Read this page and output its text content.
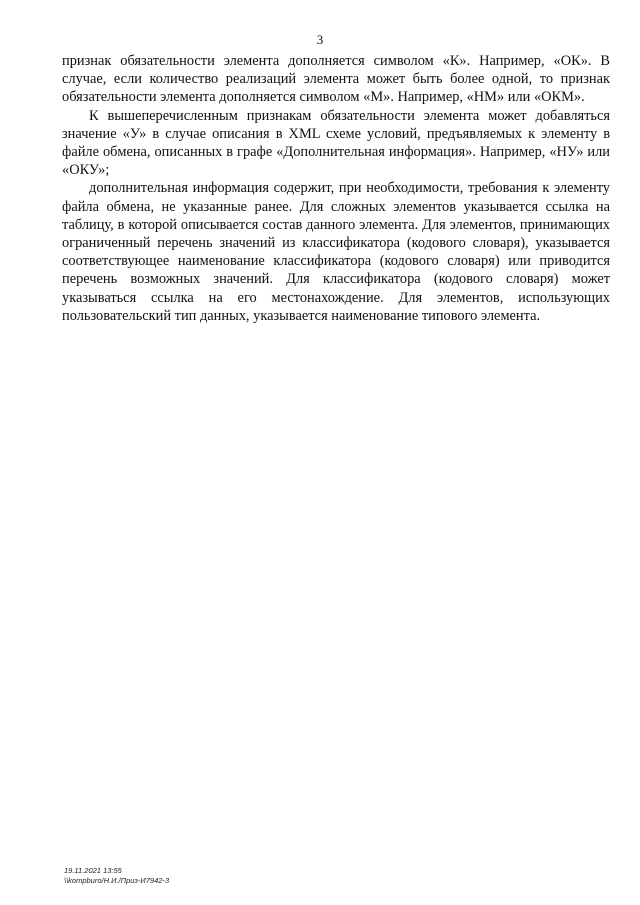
3

признак обязательности элемента дополняется символом «К». Например, «ОК». В случае, если количество реализаций элемента может быть более одной, то признак обязательности элемента дополняется символом «М». Например, «НМ» или «ОКМ».

К вышеперечисленным признакам обязательности элемента может добавляться значение «У» в случае описания в XML схеме условий, предъявляемых к элементу в файле обмена, описанных в графе «Дополнительная информация». Например, «НУ» или «ОКУ»;

дополнительная информация содержит, при необходимости, требования к элементу файла обмена, не указанные ранее. Для сложных элементов указывается ссылка на таблицу, в которой описывается состав данного элемента. Для элементов, принимающих ограниченный перечень значений из классификатора (кодового словаря), указывается соответствующее наименование классификатора (кодового словаря) или приводится перечень возможных значений. Для классификатора (кодового словаря) может указываться ссылка на его местонахождение. Для элементов, использующих пользовательский тип данных, указывается наименование типового элемента.

19.11.2021 13:55
\\kompburo/Н.И./Приз-И7942-3
